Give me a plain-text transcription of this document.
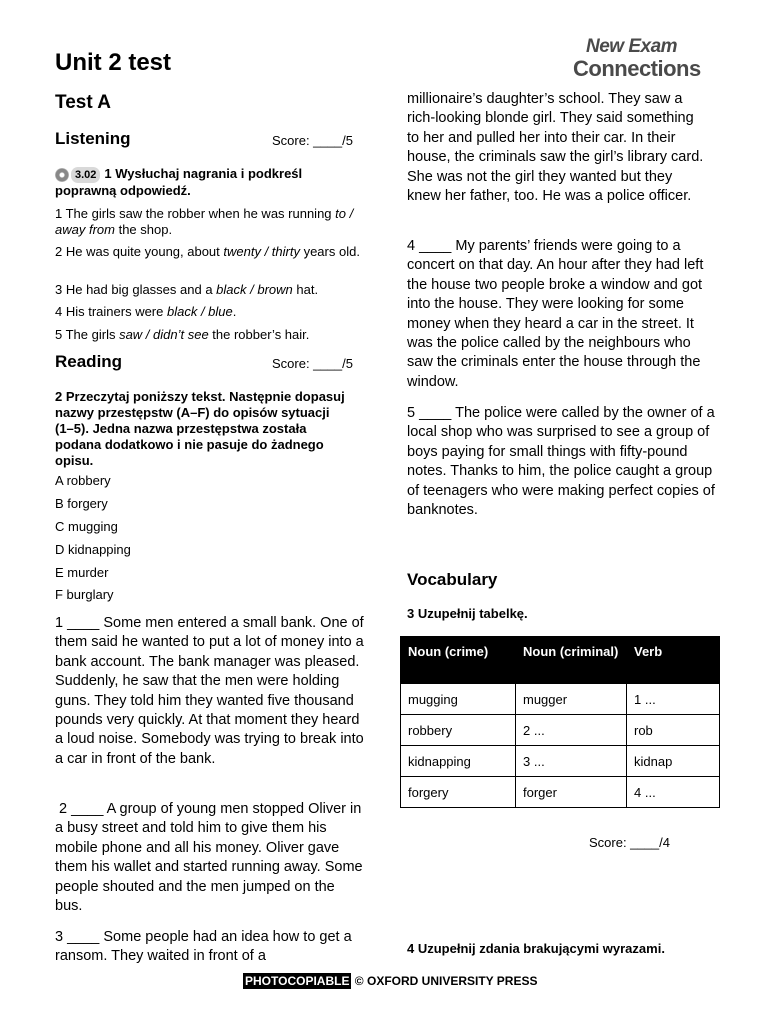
New Exam
Connections
Unit 2 test
Test A
Listening	Score: ____/5
3.02 1 Wysłuchaj nagrania i podkreśl poprawną odpowiedź.
1 The girls saw the robber when he was running to / away from the shop.
2 He was quite young, about twenty / thirty years old.
3 He had big glasses and a black / brown hat.
4 His trainers were black / blue.
5 The girls saw / didn’t see the robber’s hair.
Reading	Score: ____/5
2 Przeczytaj poniższy tekst. Następnie dopasuj nazwy przestępstw (A–F) do opisów sytuacji (1–5). Jedna nazwa przestępstwa została podana dodatkowo i nie pasuje do żadnego opisu.
A robbery
B forgery
C mugging
D kidnapping
E murder
F burglary
1 ____ Some men entered a small bank. One of them said he wanted to put a lot of money into a bank account. The bank manager was pleased. Suddenly, he saw that the men were holding guns. They told him they wanted five thousand pounds very quickly. At that moment they heard a loud noise. Somebody was trying to break into a car in front of the bank.
2 ____ A group of young men stopped Oliver in a busy street and told him to give them his mobile phone and all his money. Oliver gave them his wallet and started running away. Some people shouted and the men jumped on the bus.
3 ____ Some people had an idea how to get a ransom. They waited in front of a
millionaire’s daughter’s school. They saw a rich-looking blonde girl. They said something to her and pulled her into their car. In their house, the criminals saw the girl’s library card. She was not the girl they wanted but they knew her father, too. He was a police officer.
4 ____ My parents’ friends were going to a concert on that day. An hour after they had left the house two people broke a window and got into the house. They were looking for some money when they heard a car in the street. It was the police called by the neighbours who saw the criminals enter the house through the window.
5 ____ The police were called by the owner of a local shop who was surprised to see a group of boys paying for small things with fifty-pound notes. Thanks to him, the police caught a group of teenagers who were making perfect copies of banknotes.
Vocabulary
3 Uzupełnij tabelkę.
Noun (crime)	Noun (criminal)	Verb
mugging	mugger	1 ...
robbery	2 ...	rob
kidnapping	3 ...	kidnap
forgery	forger	4 ...
Score: ____/4
4 Uzupełnij zdania brakującymi wyrazami.
PHOTOCOPIABLE © OXFORD UNIVERSITY PRESS
